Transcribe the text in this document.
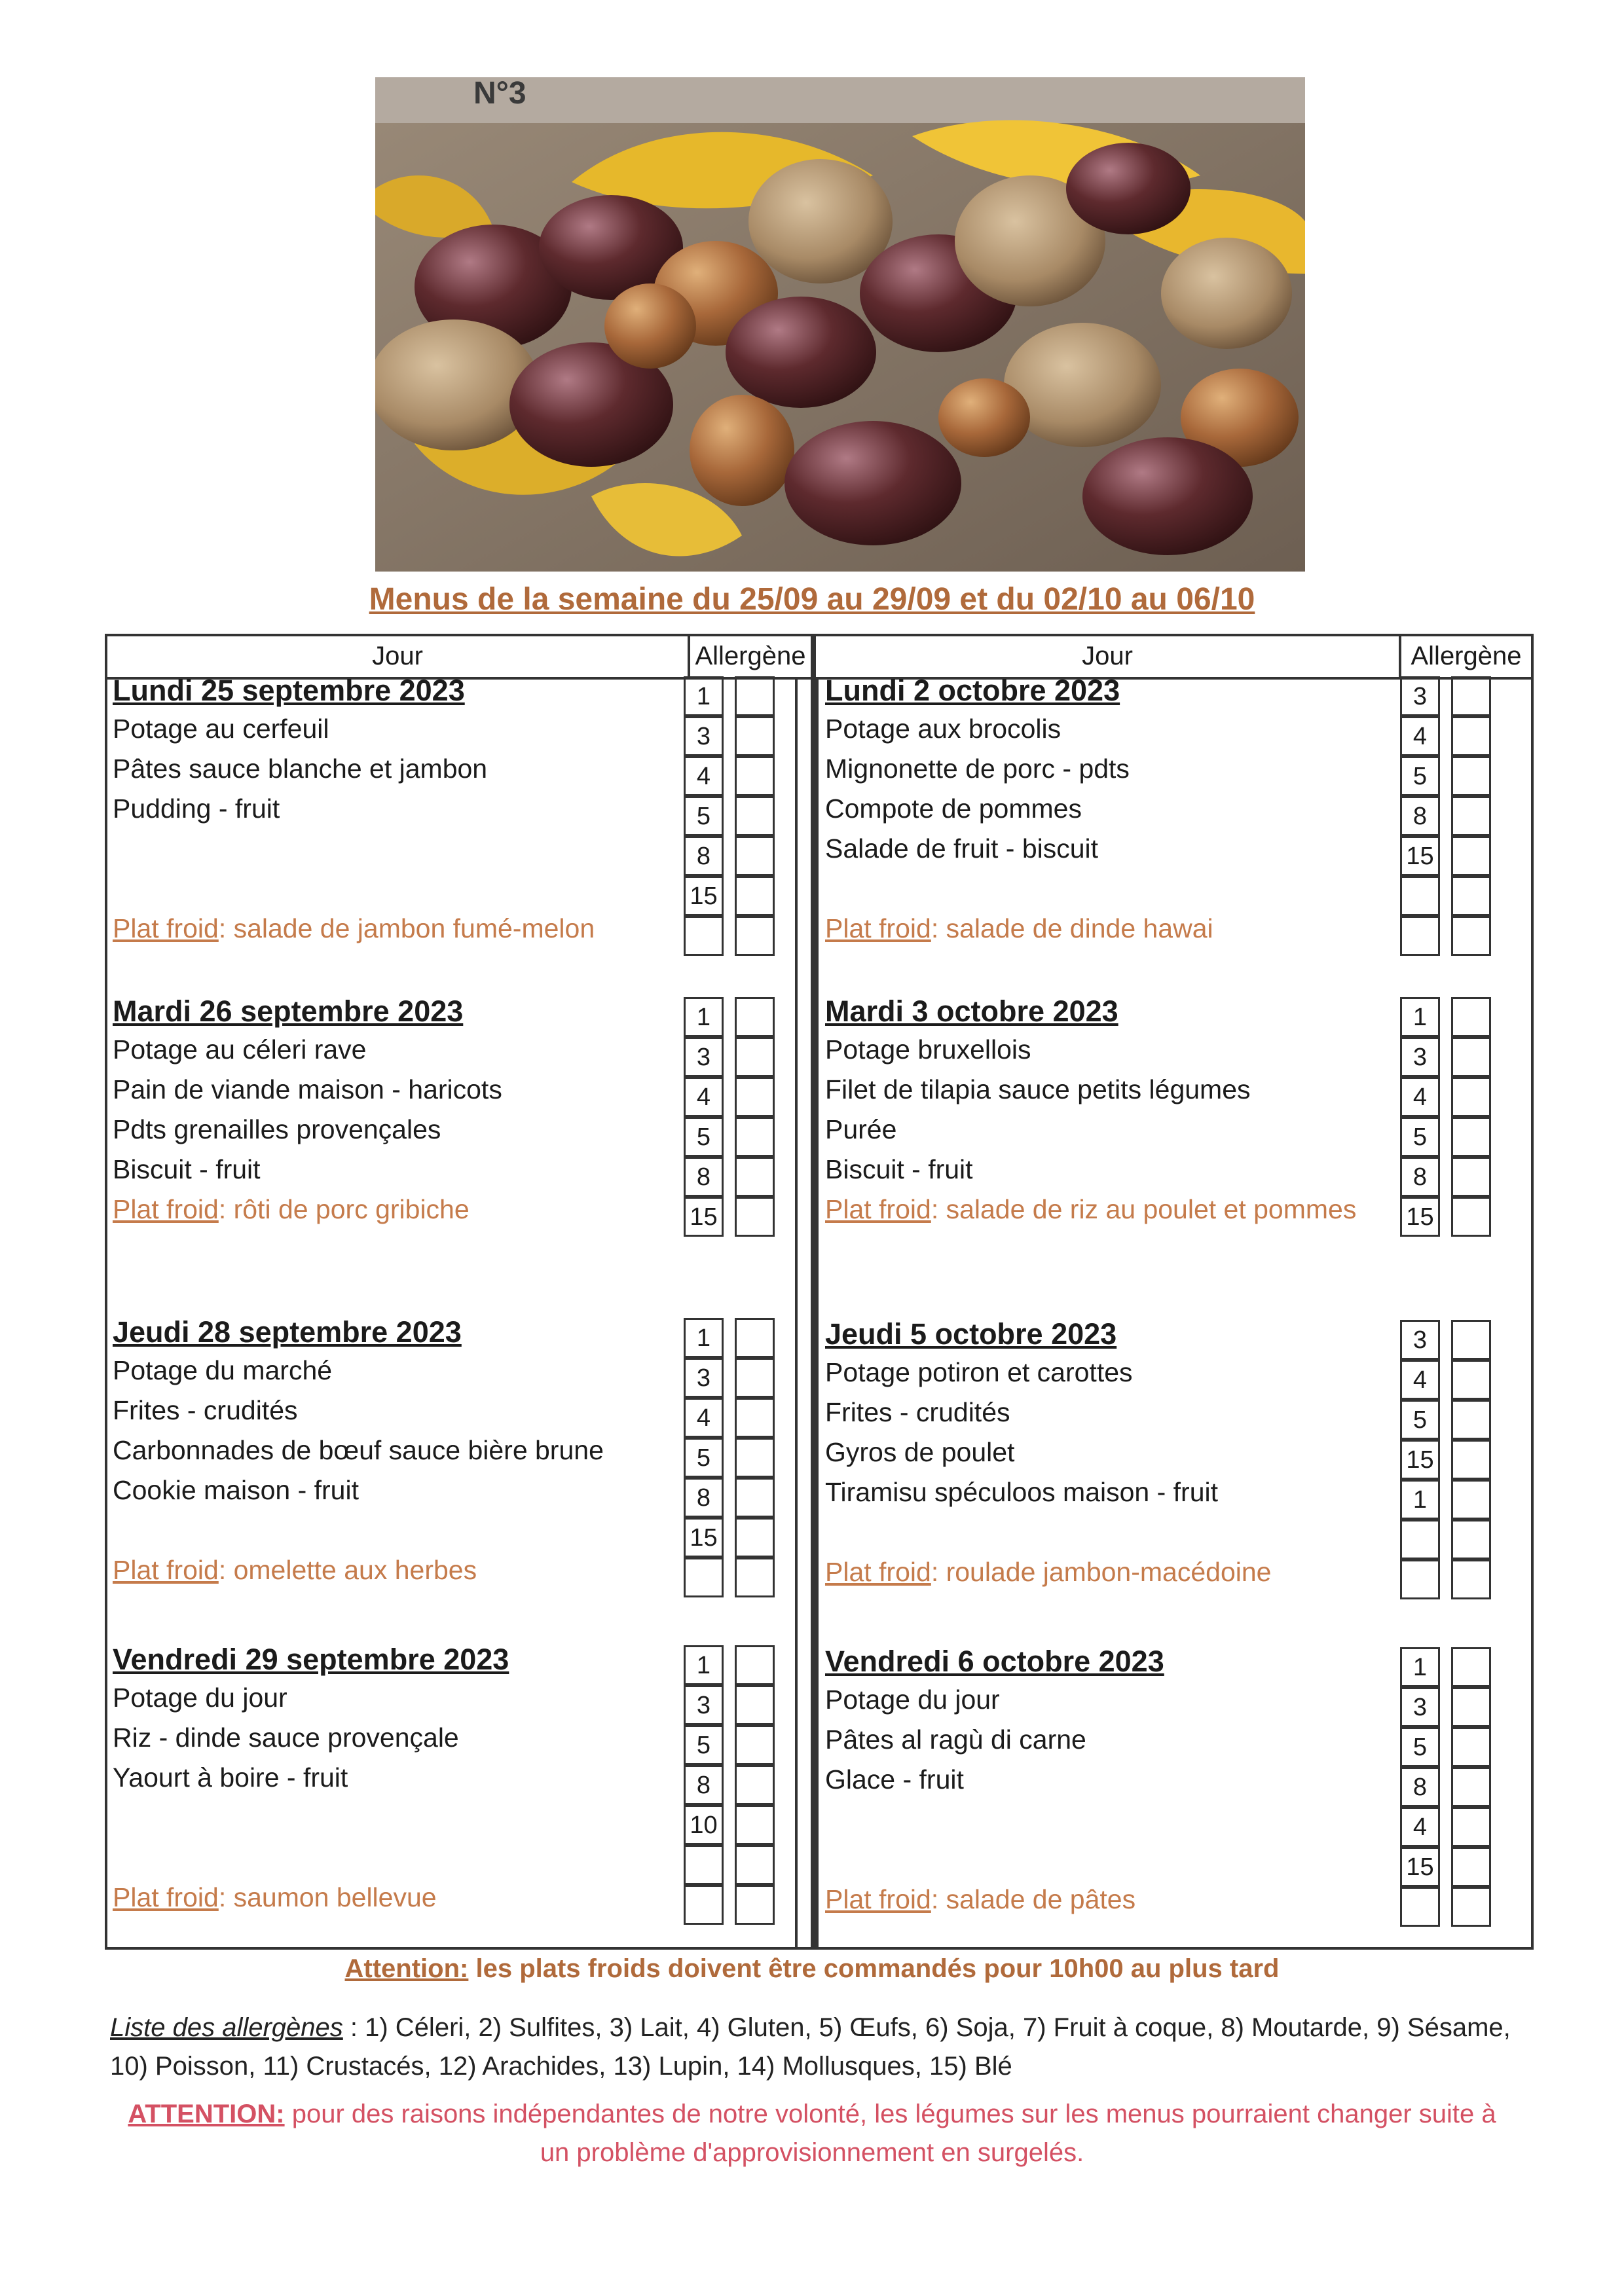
N°3
Menus de la semaine du 25/09 au 29/09 et du 02/10 au 06/10
Jour	Allergène
Lundi 25 septembre 2023
Potage au cerfeuil
Pâtes sauce blanche et jambon
Pudding - fruit
Plat froid: salade de jambon fumé-melon
1
3
4
5
8
15
Mardi 26 septembre 2023
Potage au céleri rave
Pain de viande maison - haricots
Pdts grenailles provençales
Biscuit - fruit
Plat froid: rôti de porc gribiche
1
3
4
5
8
15
Jeudi 28 septembre 2023
Potage du marché
Frites - crudités
Carbonnades de bœuf sauce bière brune
Cookie maison - fruit
Plat froid: omelette aux herbes
1
3
4
5
8
15
Vendredi 29 septembre 2023
Potage du jour
Riz - dinde sauce provençale
Yaourt à boire - fruit
Plat froid: saumon bellevue
1
3
5
8
10
Jour	Allergène
Lundi 2 octobre 2023
Potage aux brocolis
Mignonette de porc - pdts
Compote de pommes
Salade de fruit - biscuit
Plat froid: salade de dinde hawai
3
4
5
8
15
Mardi 3 octobre 2023
Potage bruxellois
Filet de tilapia sauce petits légumes
Purée
Biscuit - fruit
Plat froid: salade de riz au poulet et pommes
1
3
4
5
8
15
Jeudi 5 octobre 2023
Potage potiron et carottes
Frites - crudités
Gyros de poulet
Tiramisu spéculoos maison - fruit
Plat froid: roulade jambon-macédoine
3
4
5
15
1
Vendredi 6 octobre 2023
Potage du jour
Pâtes al ragù di carne
Glace - fruit
Plat froid: salade de pâtes
1
3
5
8
4
15
Attention: les plats froids doivent être commandés pour 10h00 au plus tard
Liste des allergènes : 1) Céleri, 2) Sulfites, 3) Lait, 4) Gluten, 5) Œufs, 6) Soja, 7) Fruit à coque, 8) Moutarde, 9) Sésame, 10) Poisson, 11) Crustacés, 12) Arachides, 13) Lupin, 14) Mollusques, 15) Blé
ATTENTION: pour des raisons indépendantes de notre volonté, les légumes sur les menus pourraient changer suite à un problème d'approvisionnement en surgelés.
